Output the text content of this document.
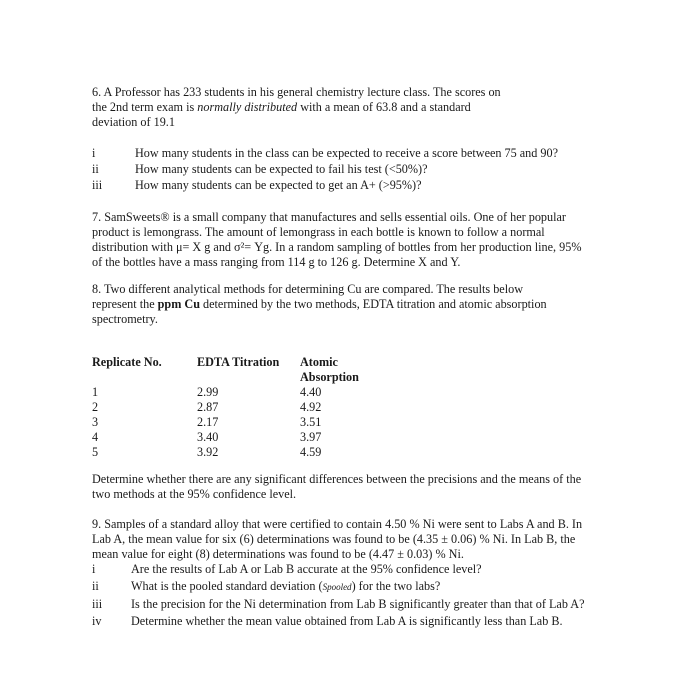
6. A Professor has 233 students in his general chemistry lecture class. The scores on

the 2nd term exam is normally distributed with a mean of 63.8 and a standard

deviation of 19.1

i	How many students in the class can be expected to receive a score between 75 and 90?
ii	How many students can be expected to fail his test (<50%)?
iii	How many students can be expected to get an A+ (>95%)?

7. SamSweets® is a small company that manufactures and sells essential oils. One of her popular

product is lemongrass. The amount of lemongrass in each bottle is known to follow a normal

distribution with μ= X g and σ²= Yg. In a random sampling of bottles from her production line, 95%

of the bottles have a mass ranging from 114 g to 126 g. Determine X and Y.

8. Two different analytical methods for determining Cu are compared. The results below

represent the ppm Cu determined by the two methods, EDTA titration and atomic absorption

spectrometry.

Replicate No.	EDTA Titration	Atomic
Absorption
1	2.99	4.40
2	2.87	4.92
3	2.17	3.51
4	3.40	3.97
5	3.92	4.59

Determine whether there are any significant differences between the precisions and the means of the

two methods at the 95% confidence level.

9. Samples of a standard alloy that were certified to contain 4.50 % Ni were sent to Labs A and B. In

Lab A, the mean value for six (6) determinations was found to be (4.35 ± 0.06) % Ni. In Lab B, the

mean value for eight (8) determinations was found to be (4.47 ± 0.03) % Ni.

i	Are the results of Lab A or Lab B accurate at the 95% confidence level?
ii	What is the pooled standard deviation (Spooled) for the two labs?
iii Is the precision for the Ni determination from Lab B significantly greater than that of Lab A?
iv Determine whether the mean value obtained from Lab A is significantly less than Lab B.
